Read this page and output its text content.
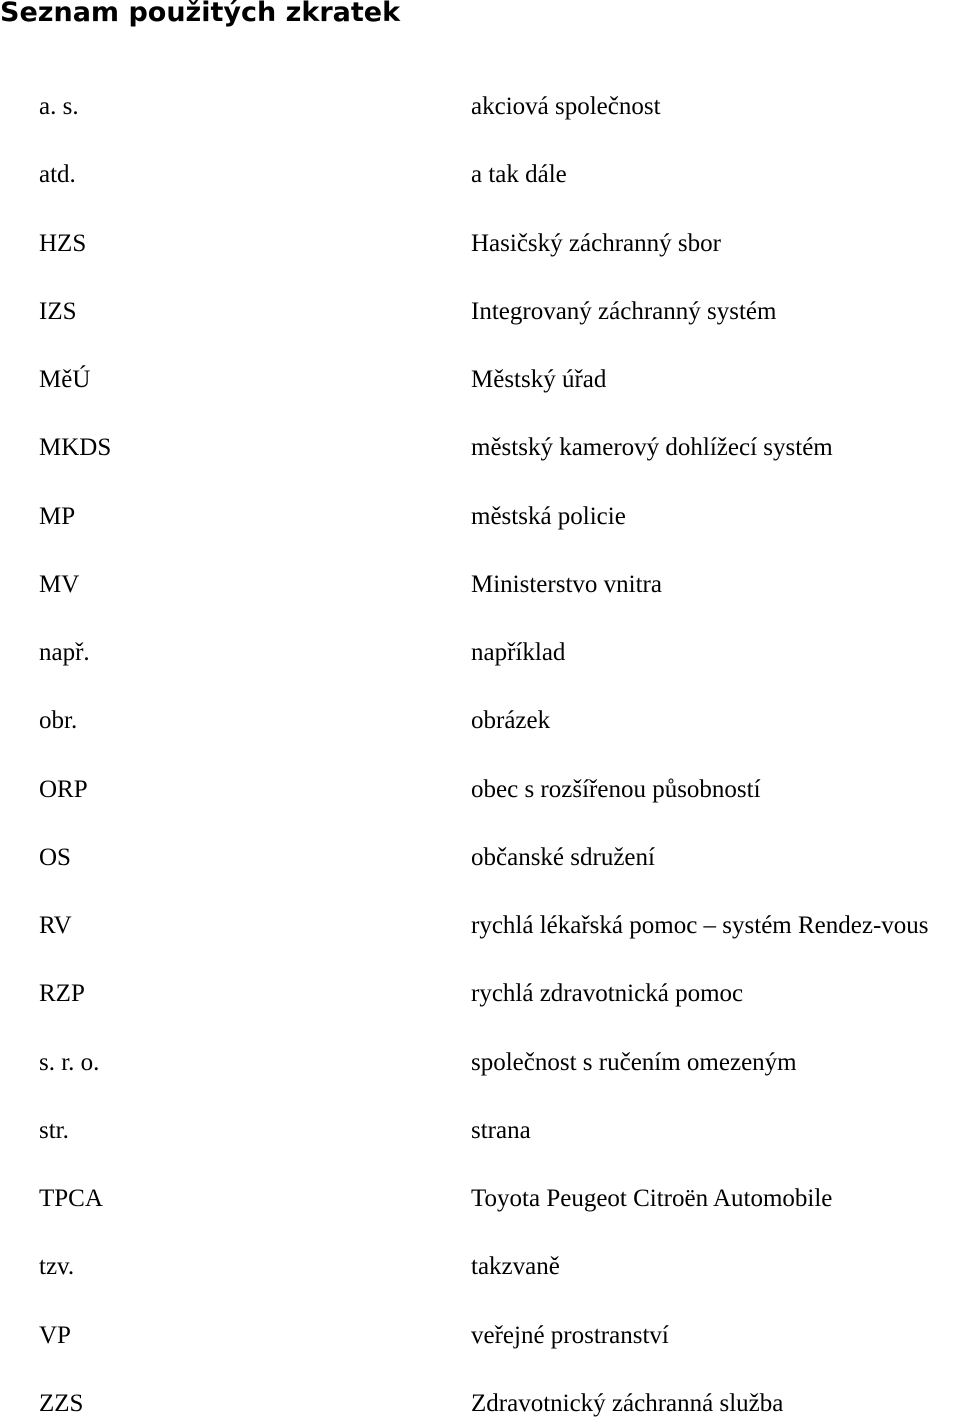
Seznam použitých zkratek
a. s.	akciová společnost
atd.	a tak dále
HZS	Hasičský záchranný sbor
IZS	Integrovaný záchranný systém
MěÚ	Městský úřad
MKDS	městský kamerový dohlížecí systém
MP	městská policie
MV	Ministerstvo vnitra
např.	například
obr.	obrázek
ORP	obec s rozšířenou působností
OS	občanské sdružení
RV	rychlá lékařská pomoc – systém Rendez-vous
RZP	rychlá zdravotnická pomoc
s. r. o.	společnost s ručením omezeným
str.	strana
TPCA	Toyota Peugeot Citroën Automobile
tzv.	takzvaně
VP	veřejné prostranství
ZZS	Zdravotnický záchranná služba
